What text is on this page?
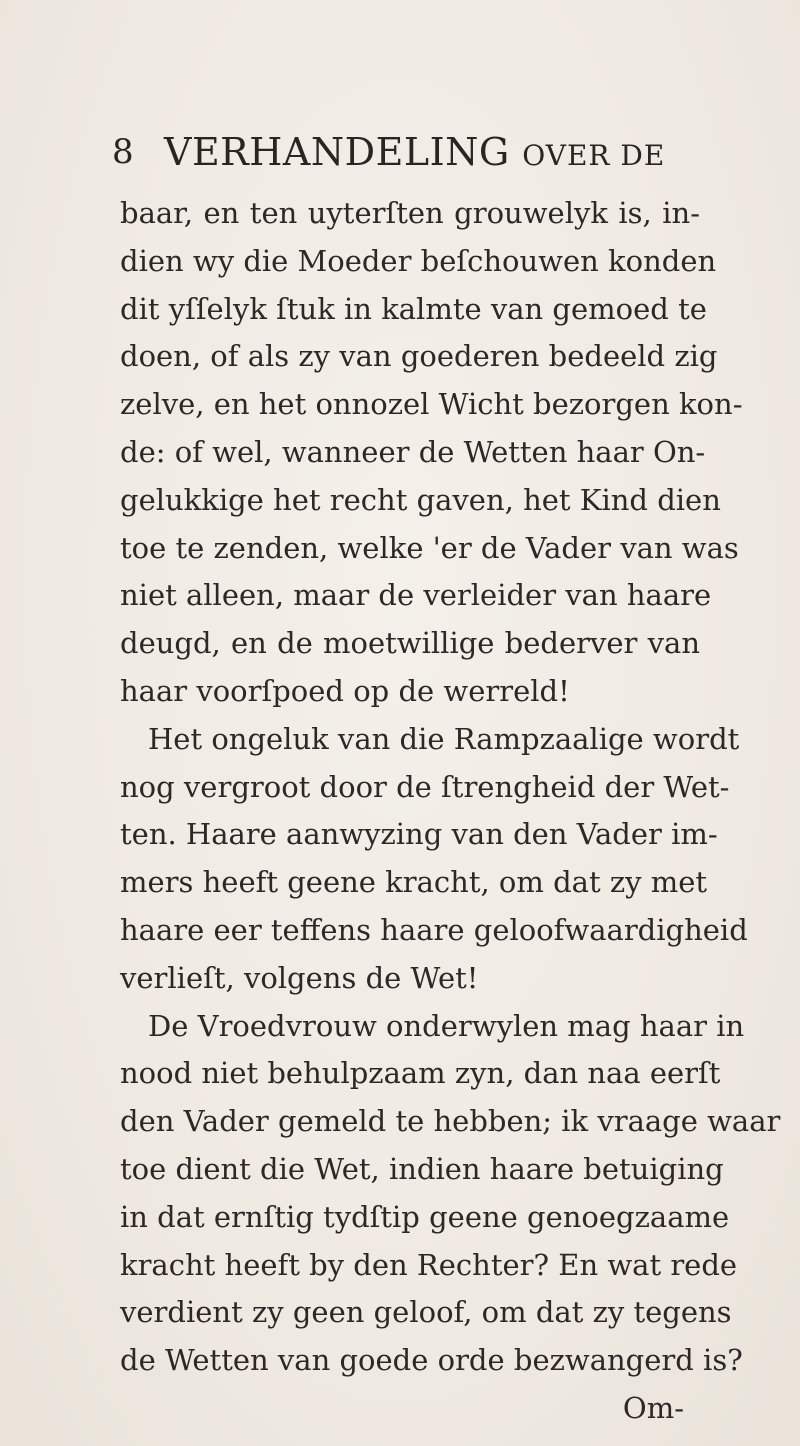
8 VERHANDELING OVER DE
baar, en ten uyterſten grouwelyk is, in-
dien wy die Moeder beſchouwen konden
dit yſſelyk ſtuk in kalmte van gemoed te
doen, of als zy van goederen bedeeld zig
zelve, en het onnozel Wicht bezorgen kon-
de: of wel, wanneer de Wetten haar On-
gelukkige het recht gaven, het Kind dien
toe te zenden, welke 'er de Vader van was
niet alleen, maar de verleider van haare
deugd, en de moetwillige bederver van
haar voorſpoed op de werreld!
Het ongeluk van die Rampzaalige wordt
nog vergroot door de ſtrengheid der Wet-
ten. Haare aanwyzing van den Vader im-
mers heeft geene kracht, om dat zy met
haare eer teffens haare geloofwaardigheid
verlieſt, volgens de Wet!
De Vroedvrouw onderwylen mag haar in
nood niet behulpzaam zyn, dan naa eerſt
den Vader gemeld te hebben; ik vraage waar
toe dient die Wet, indien haare betuiging
in dat ernſtig tydſtip geene genoegzaame
kracht heeft by den Rechter? En wat rede
verdient zy geen geloof, om dat zy tegens
de Wetten van goede orde bezwangerd is?
Om-
